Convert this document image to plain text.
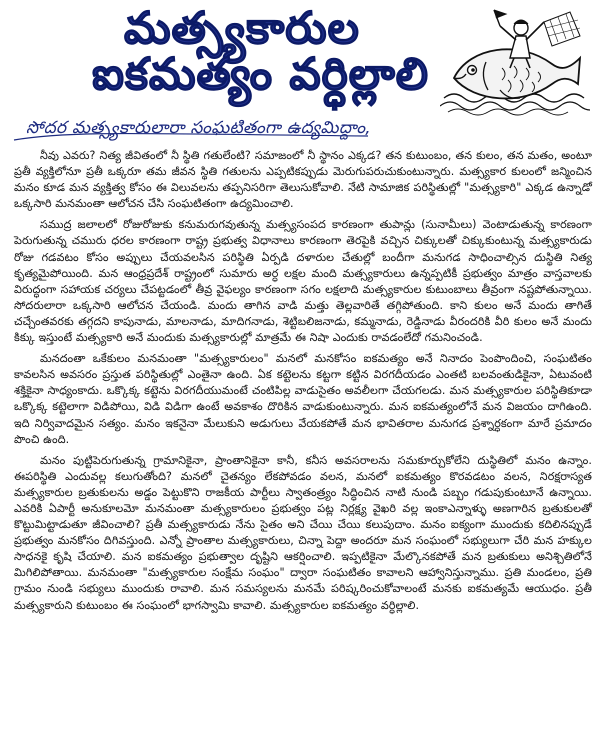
మత్స్యకారుల
ఐకమత్యం వర్ధిల్లాలి
సోదర మత్స్యకారులారా సంఘటితంగా ఉద్యమిద్దాం,

నీవు ఎవరు? నిత్య జీవితంలో నీ స్థితి గతులేంటి? సమాజంలో నీ స్థానం ఎక్కడ? తన కుటుంబం, తన కులం, తన మతం, అంటూ ప్రతీ వ్యక్తిలోనూ ప్రతీ ఒక్కరూ తమ జీవన స్థితి గతులను ఎప్పటికప్పుడు మెరుగుపరుచుకుంటున్నారు. మత్స్యకార కులంలో జన్మించిన మనం కూడ మన వ్యక్తిత్వ కోసం ఈ విలువలను తప్పనిసరిగా తెలుసుకోవాలి. నేటి సామాజిక పరిస్థితుల్లో "మత్స్యకారి" ఎక్కడ ఉన్నాడో ఒక్కసారి మనమంతా ఆలోచన చేసి సంఘటితంగా ఉద్యమించాలి.

సముద్ర జలాలలో రోజురోజుకు కనుమరుగవుతున్న మత్స్యసంపద కారణంగా తుపాన్లు (సునామీలు) వెంటాడుతున్న కారణంగా పెరుగుతున్న చమురు ధరల కారణంగా రాష్ట్ర ప్రభుత్వ విధానాలు కారణంగా తెరపైకి వచ్చిన చిక్కులతో చిక్కుకుంటున్న మత్స్యకారుడు రోజు గడవటం కోసం అప్పులు చేయవలసిన పరిస్థితి ఏర్పడి దళారుల చేతుల్లో బందీగా మనుగడ సాధించాల్సిన దుస్థితి నిత్య కృత్యమైపోయింది. మన ఆంధ్రప్రదేశ్ రాష్ట్రంలో సుమారు అర్ధ లక్షల మంది మత్స్యకారులు ఉన్నప్పటికీ ప్రభుత్వం మాత్రం వాస్తవాలకు విరుద్ధంగా సహాయక చర్యలు చేపట్టడంలో తీవ్ర వైఫల్యం కారణంగా సగం లక్షలాది మత్స్యకారుల కుటుంబాలు తీవ్రంగా నష్టపోతున్నాయి. సోదరులారా ఒక్కసారి ఆలోచన చేయండి. మందు తాగిన వాడి మత్తు తెల్లవారితే తగ్గిపోతుంది. కాని కులం అనే మందు తాగితే చచ్చేంతవరకు తగ్గదని కాపునాడు, మాలనాడు, మాదిగనాడు, శెట్టిబలిజనాడు, కమ్మనాడు, రెడ్డినాడు వీరందరికి వీరి కులం అనే మందు కిక్కు ఇస్తుంటే మత్స్యకారి అనే మందుకు మత్స్యకారుల్లో మాత్రమే ఈ నిషా ఎందుకు రావడంలేదో గమనించండి.

మనదంతా ఒకేకులం మనమంతా "మత్స్యకారులం" మనలో మనకోసం ఐకమత్యం అనే నినాదం పెంపొందించి, సంఘటితం కావలసిన అవసరం ప్రస్తుత పరిస్థితుల్లో ఎంతైనా ఉంది. ఏక కట్టెలను కట్టగా కట్టిన విరగదీయడం ఎంతటి బలవంతుడికైనా, ఏటువంటి శక్తికైనా సాధ్యంకాదు. ఒక్కొక్క కట్టెను విరగదీయుమంటే చంటిపిల్ల వాడుసైతం అవలీలగా చేయగలడు. మన మత్స్యకారుల పరిస్థితికూడా ఒక్కొక్క కట్టెలాగా విడిపోయి, విడి విడిగా ఉంటే అవకాశం దొరికిన వాడుకుంటున్నారు. మన ఐకమత్యంలోనే మన విజయం దాగిఉంది. ఇది నిర్వివాదమైన సత్యం. మనం ఇకనైనా మేలుకుని అడుగులు వేయకపోతే మన భావితరాల మనుగడ ప్రశ్నార్ధకంగా మారే ప్రమాదం పొంచి ఉంది.

మనం పుట్టిపెరుగుతున్న గ్రామానికైనా, ప్రాంతానికైనా కానీ, కనీస అవసరాలను సమకూర్చుకోలేని దుస్థితిలో మనం ఉన్నాం. ఈపరిస్థితి ఎందువల్ల కలుగుతోంది? మనలో చైతన్యం లేకపోవడం వలన, మనలో ఐకమత్యం కొరవడటం వలన, నిరక్షరాస్యత మత్స్యకారుల బ్రతుకులను అడ్డం పెట్టుకొని రాజకీయ పార్టీలు స్వాతంత్ర్యం సిద్ధించిన నాటి నుండి పబ్బం గడుపుకుంటూనే ఉన్నాయి. ఎవరికి ఏపార్టీ అనుకూలమో మనమంతా మత్స్యకారులం ప్రభుత్వం పట్ల నిర్లక్ష్య వైఖరి వల్ల ఇంకాఎన్నాళ్ళు అణగారిన బ్రతుకులతో కొట్టుమిట్టాడుతూ జీవించాలి? ప్రతీ మత్స్యకారుడు నేను సైతం అని చేయి చేయి కలుపుదాం. మనం ఐక్యంగా ముందుకు కదిలినప్పుడే ప్రభుత్వం మనకోసం దిగివస్తుంది. ఎన్నో ప్రాంతాల మత్స్యకారులు, చిన్నా పెద్దా అందరూ మన సంఘంలో సభ్యులుగా చేరి మన హక్కుల సాధనకై కృషి చేయాలి. మన ఐకమత్యం ప్రభుత్వాల దృష్టిని ఆకర్షించాలి. ఇప్పటికైనా మేల్కొనకపోతే మన బ్రతుకులు అనిశ్చితిలోనే మిగిలిపోతాయి. మనమంతా "మత్స్యకారుల సంక్షేమ సంఘం" ద్వారా సంఘటితం కావాలని ఆహ్వానిస్తున్నాము. ప్రతి మండలం, ప్రతి గ్రామం నుండి సభ్యులు ముందుకు రావాలి. మన సమస్యలను మనమే పరిష్కరించుకోవాలంటే మనకు ఐకమత్యమే ఆయుధం. ప్రతీ మత్స్యకారుని కుటుంబం ఈ సంఘంలో భాగస్వామి కావాలి. మత్స్యకారుల ఐకమత్యం వర్ధిల్లాలి.
